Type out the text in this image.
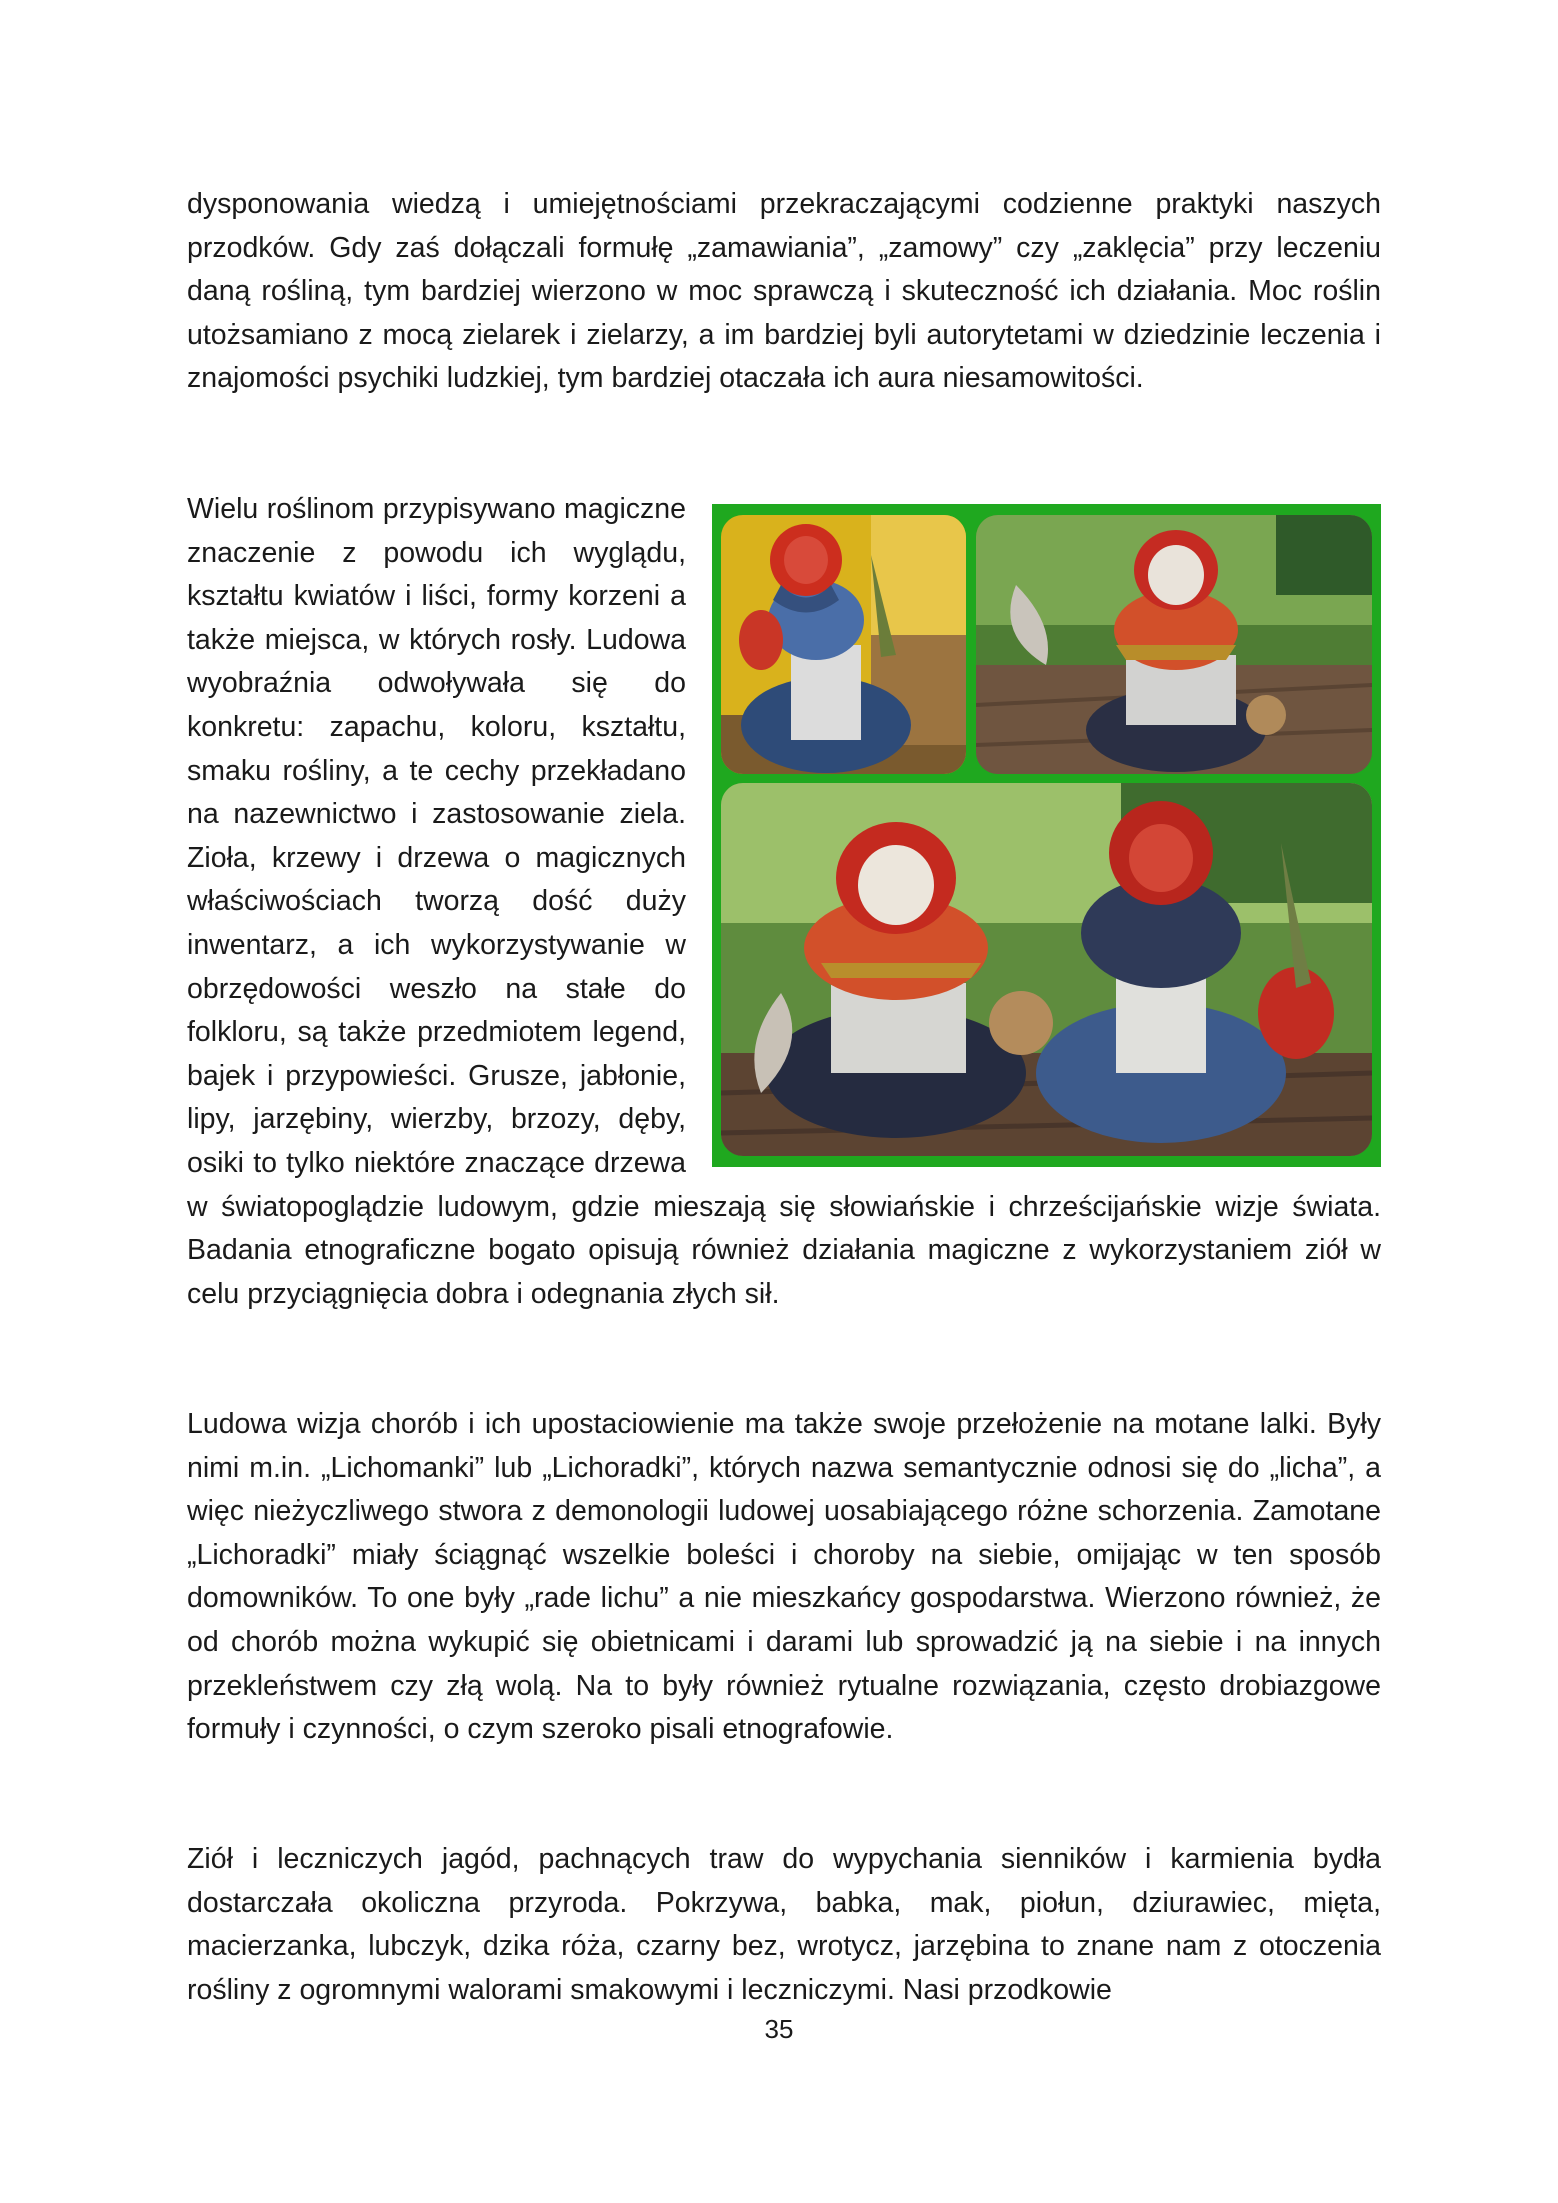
dysponowania wiedzą i umiejętnościami przekraczającymi codzienne praktyki naszych przodków. Gdy zaś dołączali formułę „zamawiania”, „zamowy” czy „zaklęcia” przy leczeniu daną rośliną, tym bardziej wierzono w moc sprawczą i skuteczność ich działania. Moc roślin utożsamiano z mocą zielarek i zielarzy, a im bardziej byli autorytetami w dziedzinie leczenia i znajomości psychiki ludzkiej, tym bardziej otaczała ich aura niesamowitości.

Wielu roślinom przypisywano magiczne znaczenie z powodu ich wyglądu, kształtu kwiatów i liści, formy korzeni a także miejsca, w których rosły. Ludowa wyobraźnia odwoływała się do konkretu: zapachu, koloru, kształtu, smaku rośliny, a te cechy przekładano na nazewnictwo i zastosowanie ziela. Zioła, krzewy i drzewa o magicznych właściwościach tworzą dość duży inwentarz, a ich wykorzystywanie w obrzędowości weszło na stałe do folkloru, są także przedmiotem legend, bajek i przypowieści. Grusze, jabłonie, lipy, jarzębiny, wierzby, brzozy, dęby, osiki to tylko niektóre znaczące drzewa w światopoglądzie ludowym, gdzie mieszają się słowiańskie i chrześcijańskie wizje świata. Badania etnograficzne bogato opisują również działania magiczne z wykorzystaniem ziół w celu przyciągnięcia dobra i odegnania złych sił.

Ludowa wizja chorób i ich upostaciowienie ma także swoje przełożenie na motane lalki. Były nimi m.in. „Lichomanki” lub „Lichoradki”, których nazwa semantycznie odnosi się do „licha”, a więc nieżyczliwego stwora z demonologii ludowej uosabiającego różne schorzenia. Zamotane „Lichoradki” miały ściągnąć wszelkie boleści i choroby na siebie, omijając w ten sposób domowników. To one były „rade lichu” a nie mieszkańcy gospodarstwa. Wierzono również, że od chorób można wykupić się obietnicami i darami lub sprowadzić ją na siebie i na innych przekleństwem czy złą wolą. Na to były również rytualne rozwiązania, często drobiazgowe formuły i czynności, o czym szeroko pisali etnografowie.

Ziół i leczniczych jagód, pachnących traw do wypychania sienników i karmienia bydła dostarczała okoliczna przyroda. Pokrzywa, babka, mak, piołun, dziurawiec, mięta, macierzanka, lubczyk, dzika róża, czarny bez, wrotycz, jarzębina to znane nam z otoczenia rośliny z ogromnymi walorami smakowymi i leczniczymi. Nasi przodkowie

35
